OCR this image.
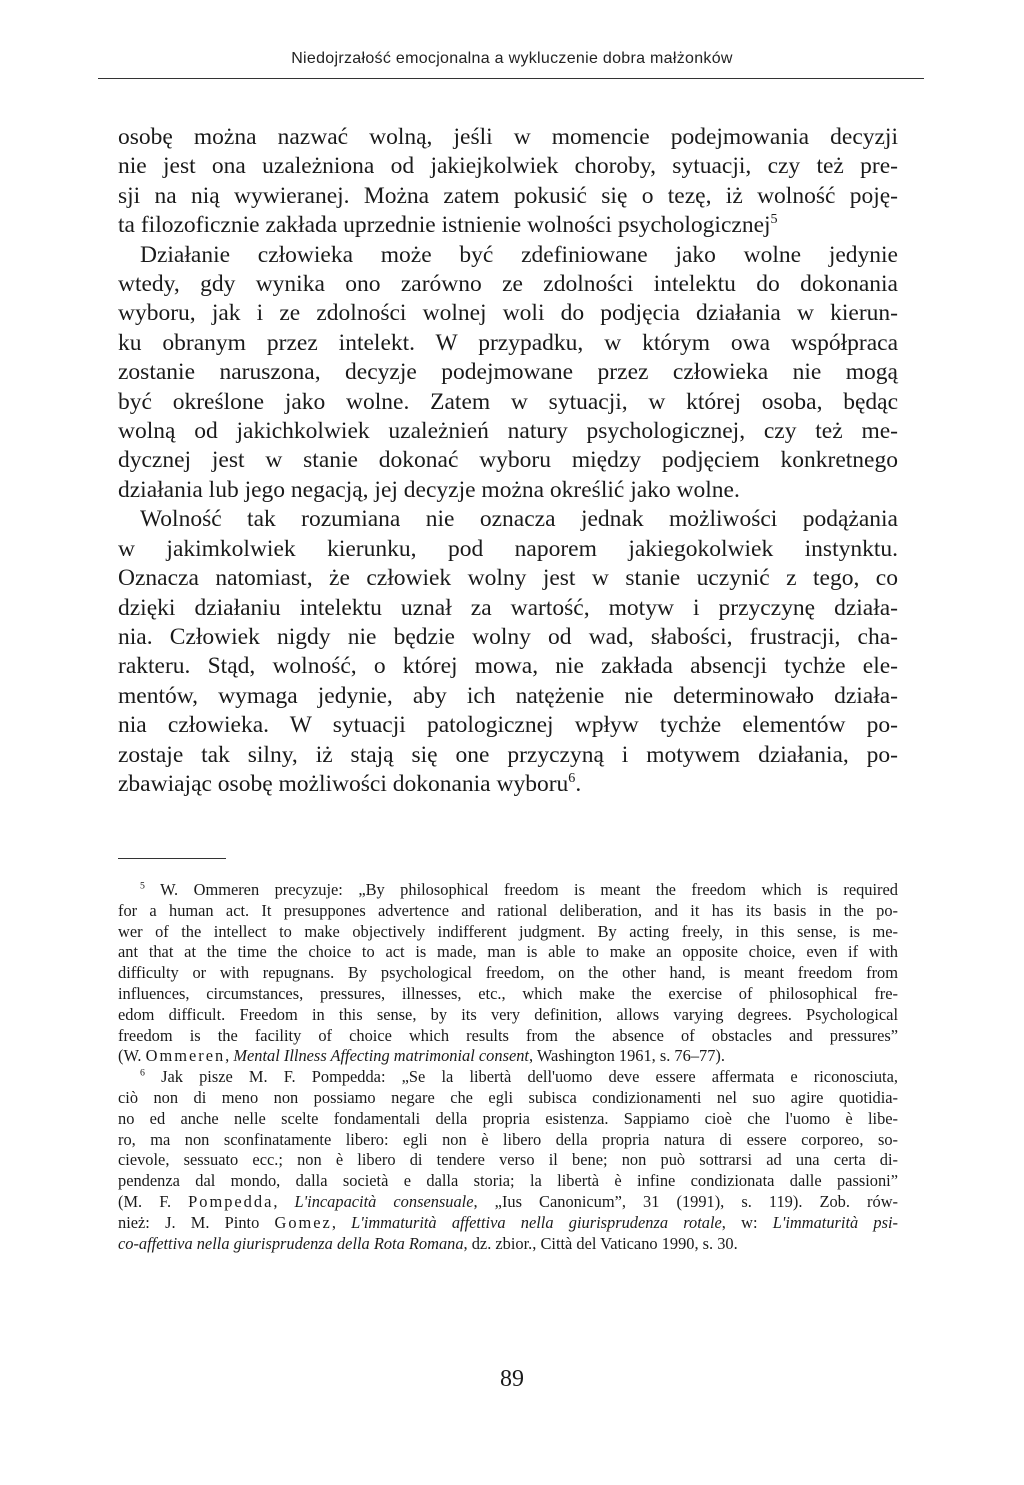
Niedojrzałość emocjonalna a wykluczenie dobra małżonków
osobę można nazwać wolną, jeśli w momencie podejmowania decyzji
nie jest ona uzależniona od jakiejkolwiek choroby, sytuacji, czy też pre-
sji na nią wywieranej. Można zatem pokusić się o tezę, iż wolność poję-
ta filozoficznie zakłada uprzednie istnienie wolności psychologicznej$^5$
Działanie człowieka może być zdefiniowane jako wolne jedynie
wtedy, gdy wynika ono zarówno ze zdolności intelektu do dokonania
wyboru, jak i ze zdolności wolnej woli do podjęcia działania w kierun-
ku obranym przez intelekt. W przypadku, w którym owa współpraca
zostanie naruszona, decyzje podejmowane przez człowieka nie mogą
być określone jako wolne. Zatem w sytuacji, w której osoba, będąc
wolną od jakichkolwiek uzależnień natury psychologicznej, czy też me-
dycznej jest w stanie dokonać wyboru między podjęciem konkretnego
działania lub jego negacją, jej decyzje można określić jako wolne.
Wolność tak rozumiana nie oznacza jednak możliwości podążania
w jakimkolwiek kierunku, pod naporem jakiegokolwiek instynktu.
Oznacza natomiast, że człowiek wolny jest w stanie uczynić z tego, co
dzięki działaniu intelektu uznał za wartość, motyw i przyczynę działa-
nia. Człowiek nigdy nie będzie wolny od wad, słabości, frustracji, cha-
rakteru. Stąd, wolność, o której mowa, nie zakłada absencji tychże ele-
mentów, wymaga jedynie, aby ich natężenie nie determinowało działa-
nia człowieka. W sytuacji patologicznej wpływ tychże elementów po-
zostaje tak silny, iż stają się one przyczyną i motywem działania, po-
zbawiając osobę możliwości dokonania wyboru$^6$.
$^5$ W. Ommeren precyzuje: „By philosophical freedom is meant the freedom which is required
for a human act. It presuppones advertence and rational deliberation, and it has its basis in the po-
wer of the intellect to make objectively indifferent judgment. By acting freely, in this sense, is me-
ant that at the time the choice to act is made, man is able to make an opposite choice, even if with
difficulty or with repugnans. By psychological freedom, on the other hand, is meant freedom from
influences, circumstances, pressures, illnesses, etc., which make the exercise of philosophical fre-
edom difficult. Freedom in this sense, by its very definition, allows varying degrees. Psychological
freedom is the facility of choice which results from the absence of obstacles and pressures”
(W. Ommeren, Mental Illness Affecting matrimonial consent, Washington 1961, s. 76–77).
$^6$ Jak pisze M. F. Pompedda: „Se la libertà dell'uomo deve essere affermata e riconosciuta,
ciò non di meno non possiamo negare che egli subisca condizionamenti nel suo agire quotidia-
no ed anche nelle scelte fondamentali della propria esistenza. Sappiamo cioè che l'uomo è libe-
ro, ma non sconfinatamente libero: egli non è libero della propria natura di essere corporeo, so-
cievole, sessuato ecc.; non è libero di tendere verso il bene; non può sottrarsi ad una certa di-
pendenza dal mondo, dalla società e dalla storia; la libertà è infine condizionata dalle passioni”
(M. F. Pompedda, L'incapacità consensuale, „Ius Canonicum”, 31 (1991), s. 119). Zob. rów-
nież: J. M. Pinto Gomez, L'immaturità affettiva nella giurisprudenza rotale, w: L'immaturità psi-
co-affettiva nella giurisprudenza della Rota Romana, dz. zbior., Città del Vaticano 1990, s. 30.
89
